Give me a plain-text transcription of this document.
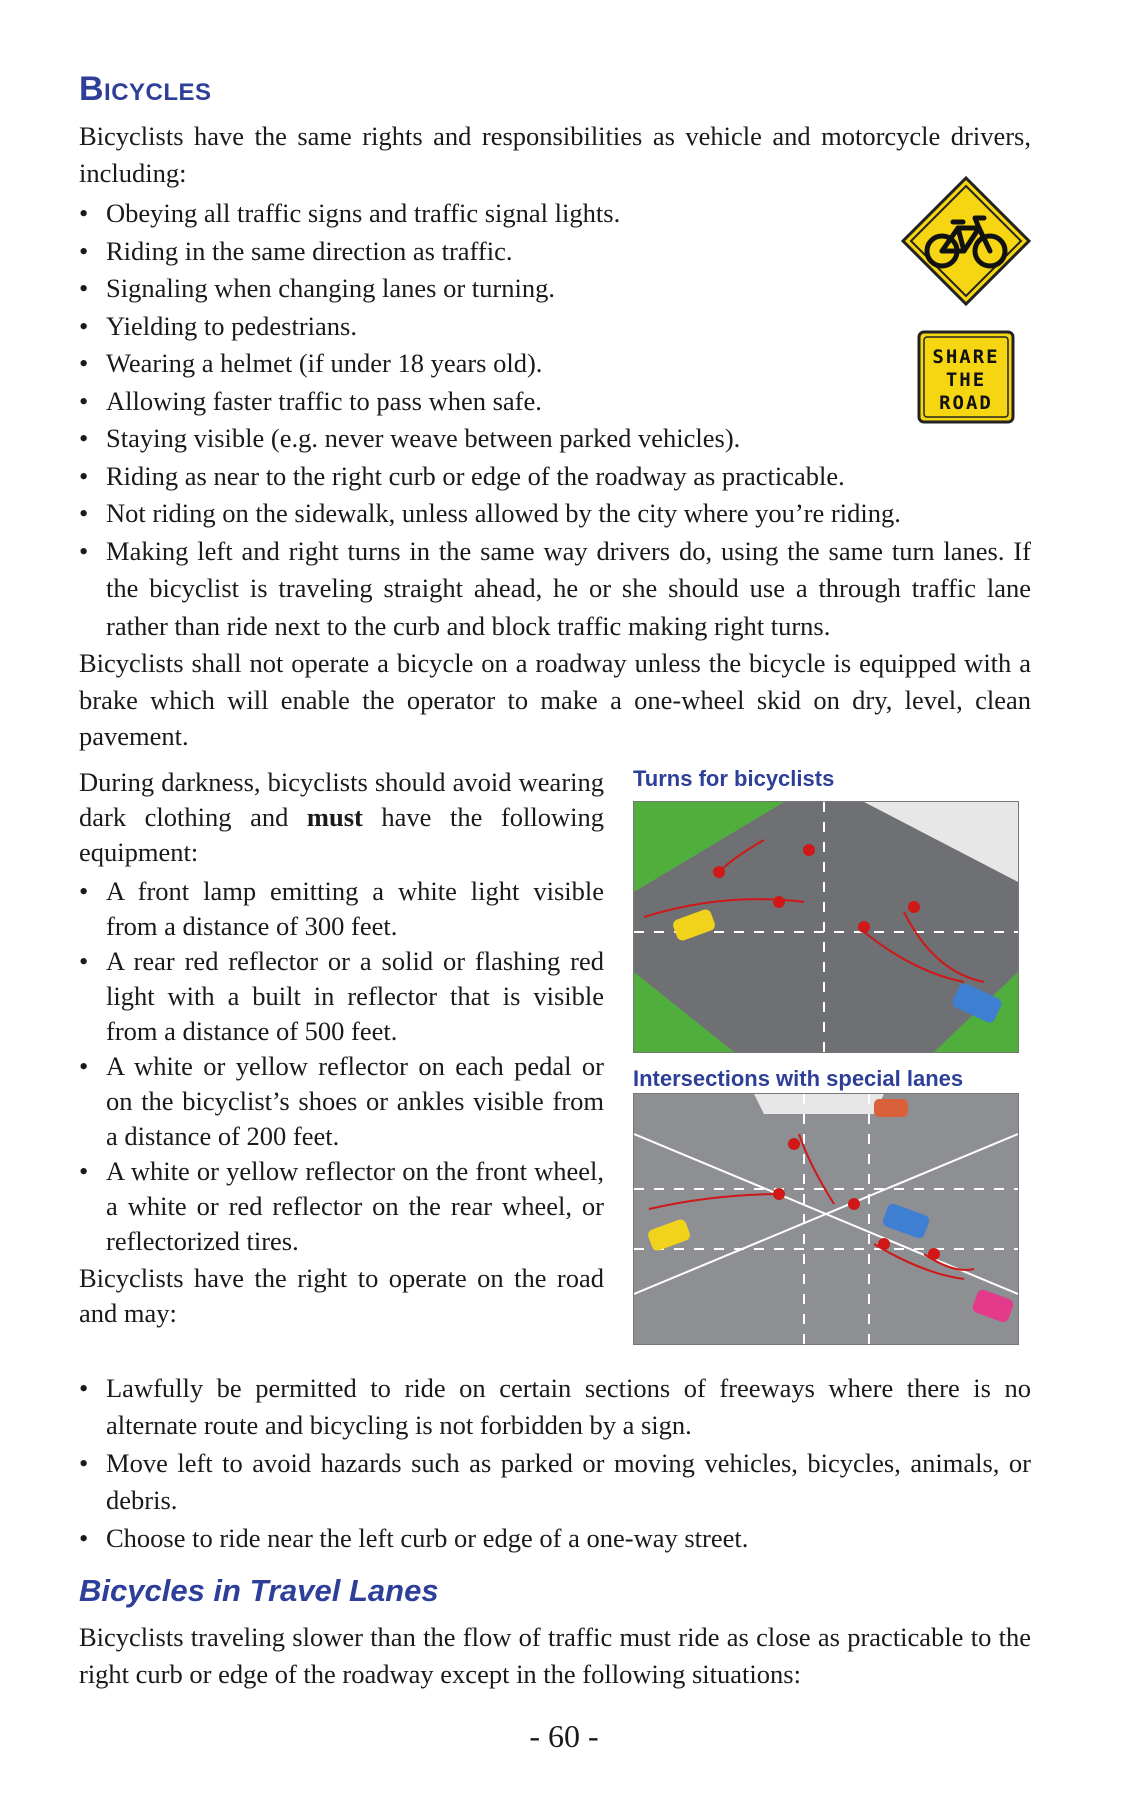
Bicycles

Bicyclists have the same rights and responsibilities as vehicle and motorcycle drivers, including:

• Obeying all traffic signs and traffic signal lights.
• Riding in the same direction as traffic.
• Signaling when changing lanes or turning.
• Yielding to pedestrians.
• Wearing a helmet (if under 18 years old).
• Allowing faster traffic to pass when safe.
• Staying visible (e.g. never weave between parked vehicles).
• Riding as near to the right curb or edge of the roadway as practicable.
• Not riding on the sidewalk, unless allowed by the city where you’re riding.
• Making left and right turns in the same way drivers do, using the same turn lanes. If the bicyclist is traveling straight ahead, he or she should use a through traffic lane rather than ride next to the curb and block traffic making right turns.

Bicyclists shall not operate a bicycle on a roadway unless the bicycle is equipped with a brake which will enable the operator to make a one-wheel skid on dry, level, clean pavement.

SHARE
THE
ROAD

During darkness, bicyclists should avoid wearing dark clothing and must have the following equipment:

• A front lamp emitting a white light visible from a distance of 300 feet.
• A rear red reflector or a solid or flashing red light with a built in reflector that is visible from a distance of 500 feet.
• A white or yellow reflector on each pedal or on the bicyclist’s shoes or ankles visible from a distance of 200 feet.
• A white or yellow reflector on the front wheel, a white or red reflector on the rear wheel, or reflectorized tires.

Bicyclists have the right to operate on the road and may:

Turns for bicyclists
Intersections with special lanes
• Lawfully be permitted to ride on certain sections of freeways where there is no alternate route and bicycling is not forbidden by a sign.
• Move left to avoid hazards such as parked or moving vehicles, bicycles, animals, or debris.
• Choose to ride near the left curb or edge of a one-way street.
Bicycles in Travel Lanes

Bicyclists traveling slower than the flow of traffic must ride as close as practicable to the right curb or edge of the roadway except in the following situations:

- 60 -
